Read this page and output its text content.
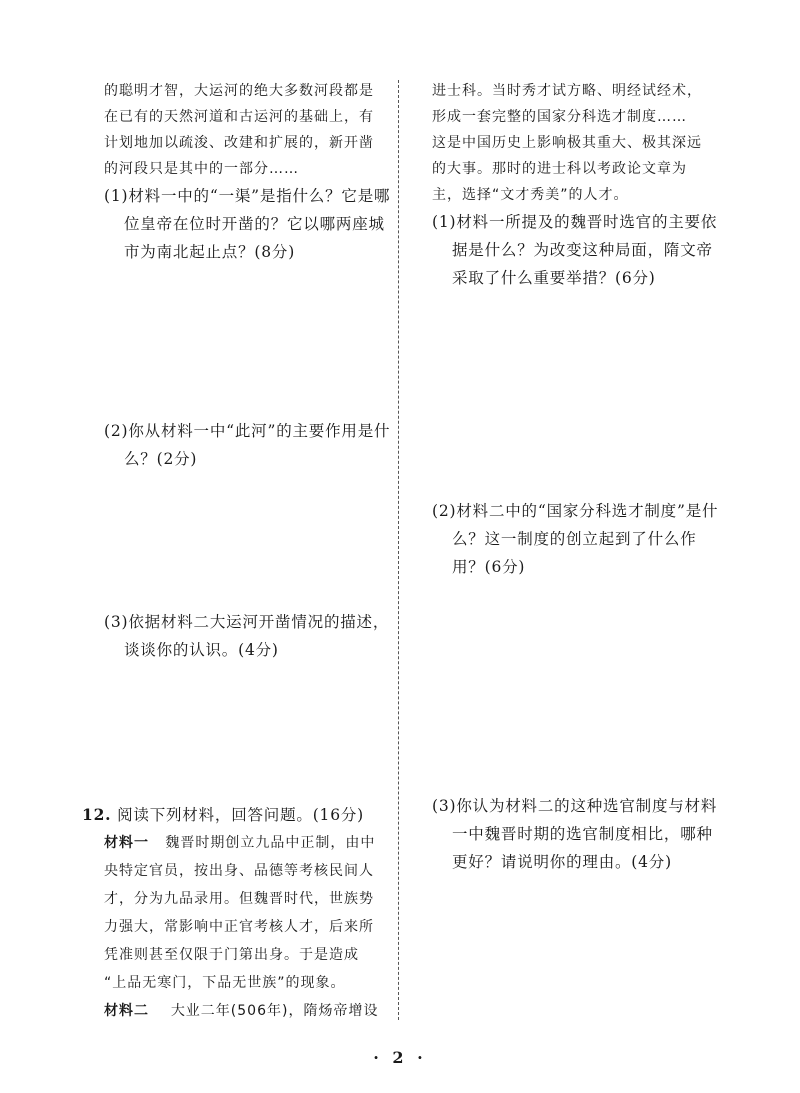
的聪明才智，大运河的绝大多数河段都是
在已有的天然河道和古运河的基础上，有
计划地加以疏浚、改建和扩展的，新开凿
的河段只是其中的一部分……
(1)材料一中的“一渠”是指什么？它是哪
位皇帝在位时开凿的？它以哪两座城
市为南北起止点？(8分)
(2)你从材料一中“此河”的主要作用是什
么？(2分)
(3)依据材料二大运河开凿情况的描述，
谈谈你的认识。(4分)
12. 阅读下列材料，回答问题。(16分)
材料一 魏晋时期创立九品中正制，由中
央特定官员，按出身、品德等考核民间人
才，分为九品录用。但魏晋时代，世族势
力强大，常影响中正官考核人才，后来所
凭准则甚至仅限于门第出身。于是造成
“上品无寒门，下品无世族”的现象。
材料二 大业二年(506年)，隋炀帝增设
进士科。当时秀才试方略、明经试经术，
形成一套完整的国家分科选才制度……
这是中国历史上影响极其重大、极其深远
的大事。那时的进士科以考政论文章为
主，选择“文才秀美”的人才。
(1)材料一所提及的魏晋时选官的主要依
据是什么？为改变这种局面，隋文帝
采取了什么重要举措？(6分)
(2)材料二中的“国家分科选才制度”是什
么？这一制度的创立起到了什么作
用？(6分)
(3)你认为材料二的这种选官制度与材料
一中魏晋时期的选官制度相比，哪种
更好？请说明你的理由。(4分)
· 2 ·
